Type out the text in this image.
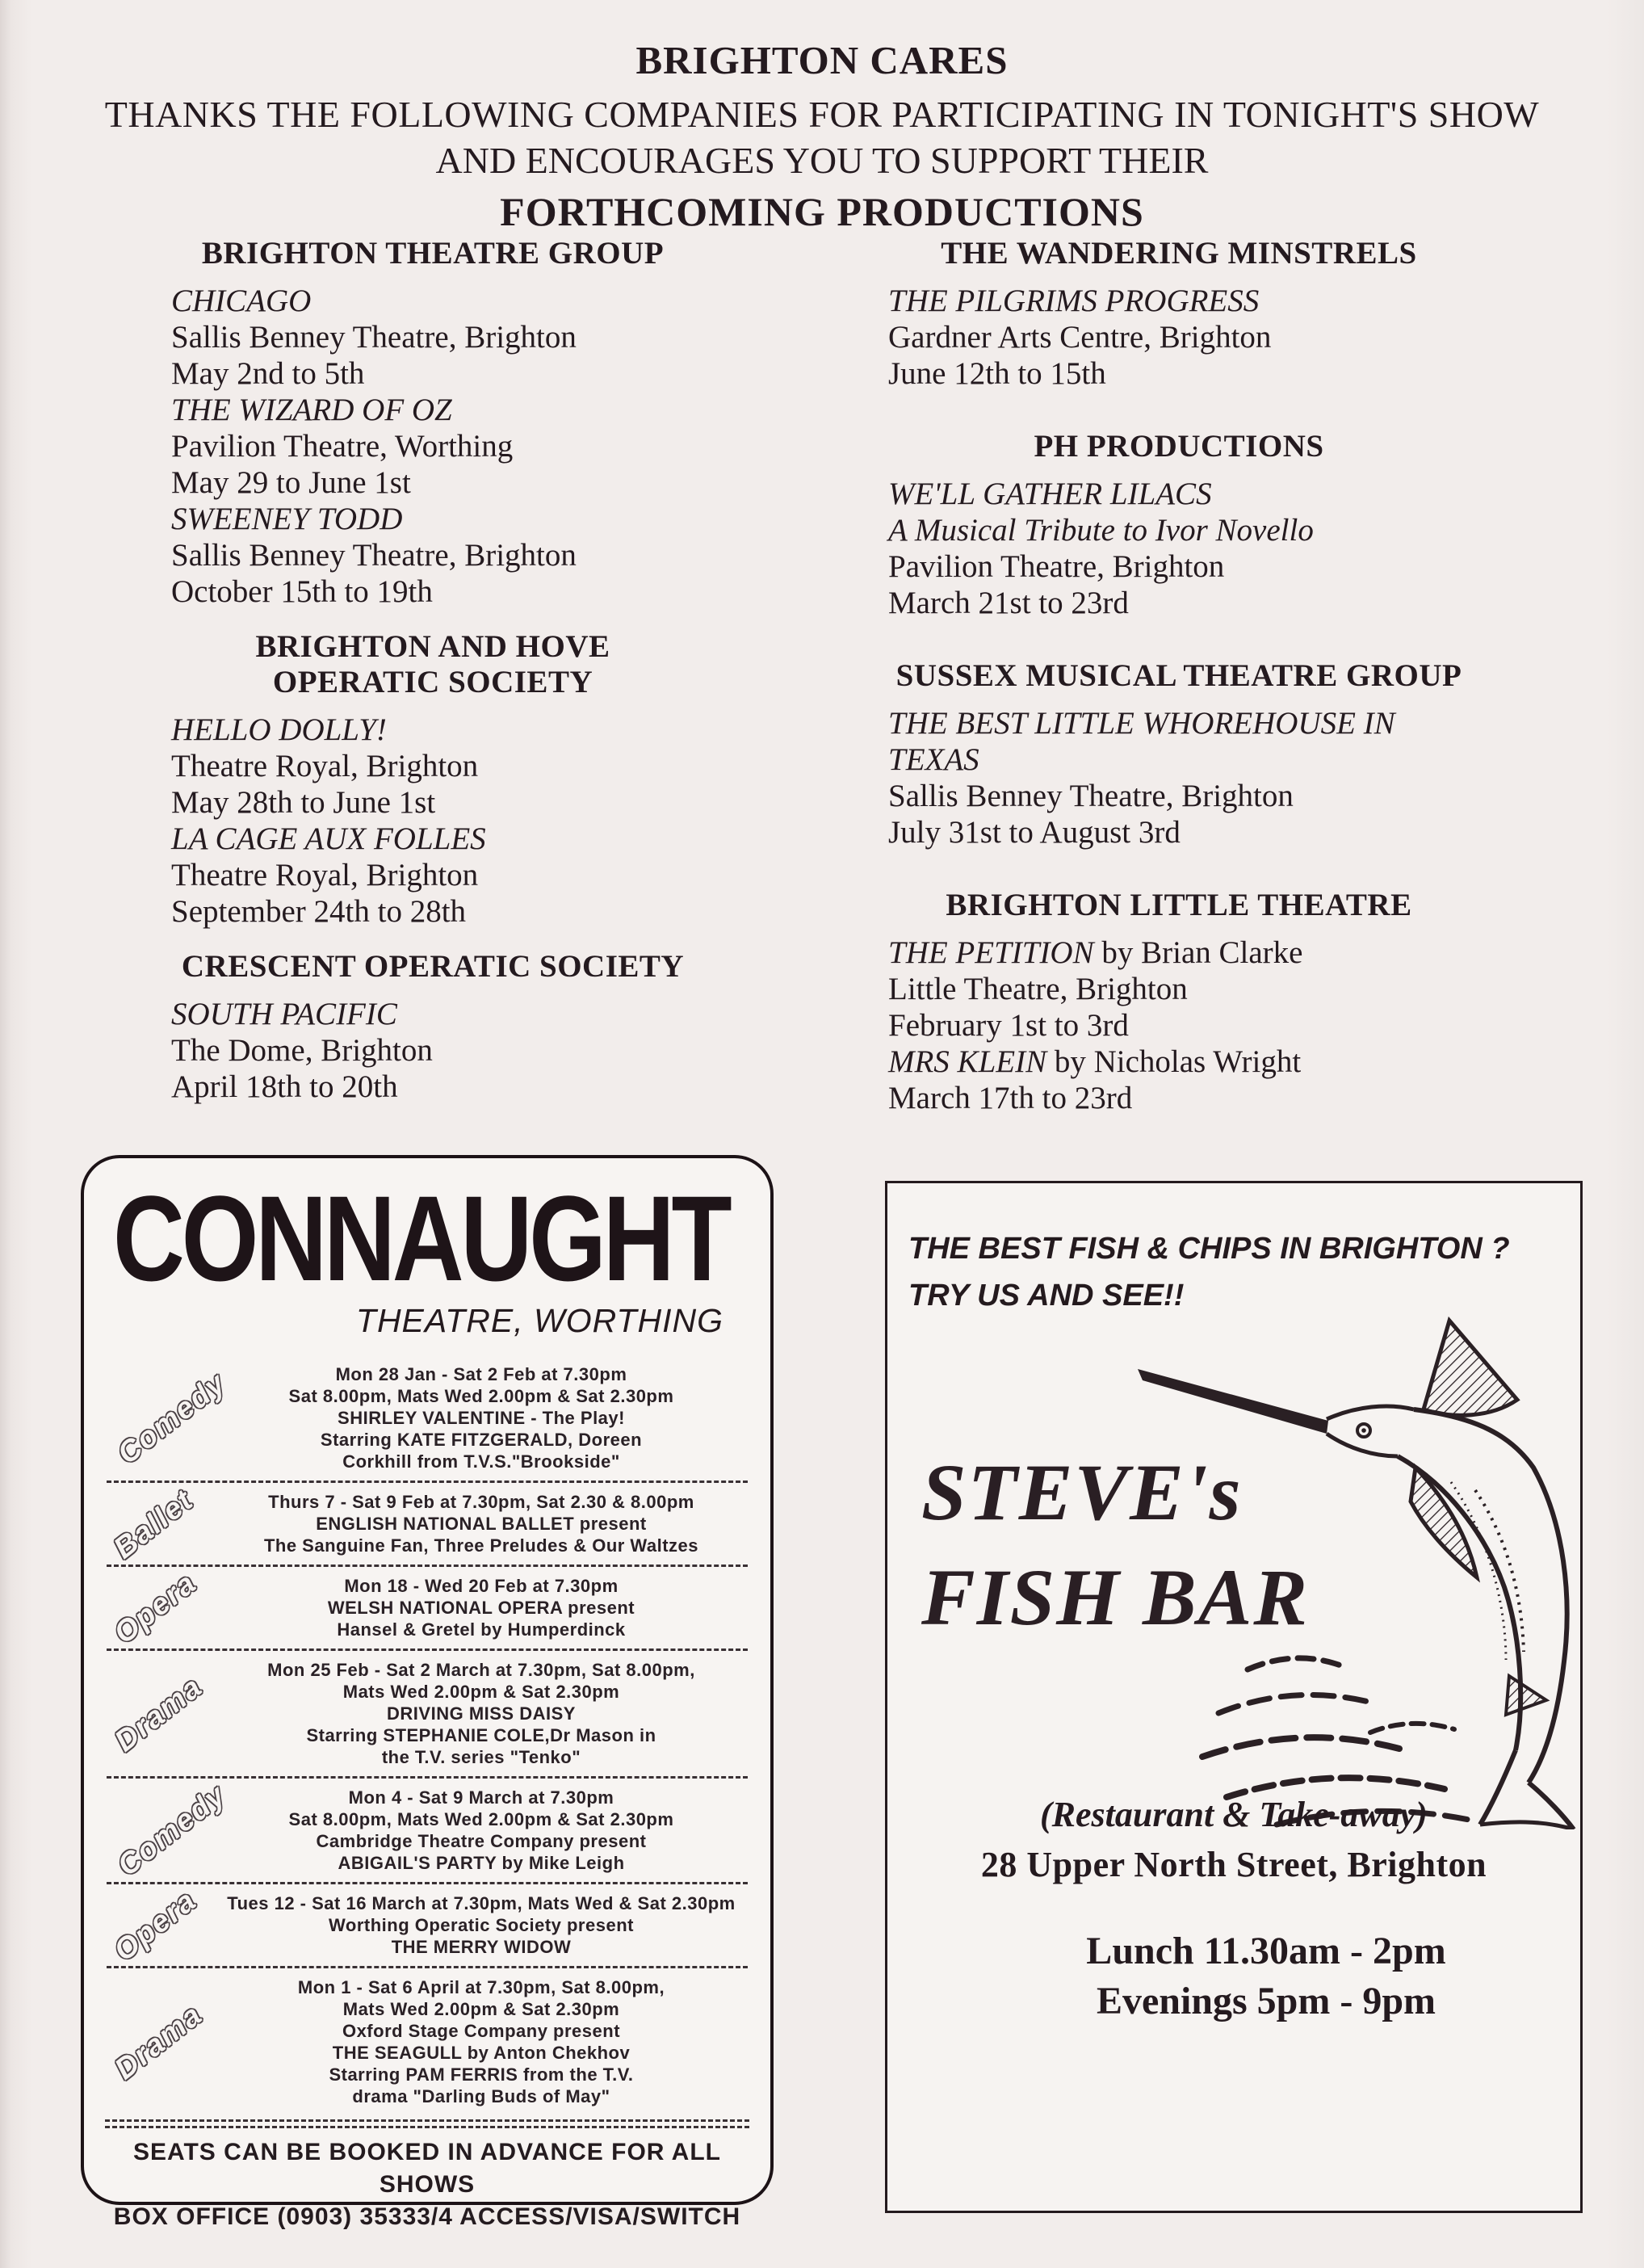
BRIGHTON CARES
THANKS THE FOLLOWING COMPANIES FOR PARTICIPATING IN TONIGHT'S SHOW
AND ENCOURAGES YOU TO SUPPORT THEIR
FORTHCOMING PRODUCTIONS
BRIGHTON THEATRE GROUP
CHICAGO
Sallis Benney Theatre, Brighton
May 2nd to 5th
THE WIZARD OF OZ
Pavilion Theatre, Worthing
May 29 to June 1st
SWEENEY TODD
Sallis Benney Theatre, Brighton
October 15th to 19th
BRIGHTON AND HOVE OPERATIC SOCIETY
HELLO DOLLY!
Theatre Royal, Brighton
May 28th to June 1st
LA CAGE AUX FOLLES
Theatre Royal, Brighton
September 24th to 28th
CRESCENT OPERATIC SOCIETY
SOUTH PACIFIC
The Dome, Brighton
April 18th to 20th
THE WANDERING MINSTRELS
THE PILGRIMS PROGRESS
Gardner Arts Centre, Brighton
June 12th to 15th
PH PRODUCTIONS
WE'LL GATHER LILACS
A Musical Tribute to Ivor Novello
Pavilion Theatre, Brighton
March 21st to 23rd
SUSSEX MUSICAL THEATRE GROUP
THE BEST LITTLE WHOREHOUSE IN TEXAS
Sallis Benney Theatre, Brighton
July 31st to August 3rd
BRIGHTON LITTLE THEATRE
THE PETITION by Brian Clarke
Little Theatre, Brighton
February 1st to 3rd
MRS KLEIN by Nicholas Wright
March 17th to 23rd
CONNAUGHT
THEATRE, WORTHING
Comedy	Mon 28 Jan - Sat 2 Feb at 7.30pm
Sat 8.00pm, Mats Wed 2.00pm & Sat 2.30pm
SHIRLEY VALENTINE - The Play!
Starring KATE FITZGERALD, Doreen
Corkhill from T.V.S."Brookside"
Ballet	Thurs 7 - Sat 9 Feb at 7.30pm, Sat 2.30 & 8.00pm
ENGLISH NATIONAL BALLET present
The Sanguine Fan, Three Preludes & Our Waltzes
Opera	Mon 18 - Wed 20 Feb at 7.30pm
WELSH NATIONAL OPERA present
Hansel & Gretel by Humperdinck
Drama	Mon 25 Feb - Sat 2 March at 7.30pm, Sat 8.00pm,
Mats Wed 2.00pm & Sat 2.30pm
DRIVING MISS DAISY
Starring STEPHANIE COLE,Dr Mason in
the T.V. series "Tenko"
Comedy	Mon 4 - Sat 9 March at 7.30pm
Sat 8.00pm, Mats Wed 2.00pm & Sat 2.30pm
Cambridge Theatre Company present
ABIGAIL'S PARTY by Mike Leigh
Opera	Tues 12 - Sat 16 March at 7.30pm, Mats Wed & Sat 2.30pm
Worthing Operatic Society present
THE MERRY WIDOW
Drama
Mon 1 - Sat 6 April at 7.30pm, Sat 8.00pm,
Mats Wed 2.00pm & Sat 2.30pm
Oxford Stage Company present
THE SEAGULL by Anton Chekhov
Starring PAM FERRIS from the T.V.
drama "Darling Buds of May"
SEATS CAN BE BOOKED IN ADVANCE FOR ALL SHOWS
BOX OFFICE (0903) 35333/4 ACCESS/VISA/SWITCH
THE BEST FISH & CHIPS IN BRIGHTON ?
TRY US AND SEE!!
STEVE's
FISH BAR
(Restaurant & Take-away)
28 Upper North Street, Brighton
Lunch 11.30am - 2pm
Evenings 5pm - 9pm
